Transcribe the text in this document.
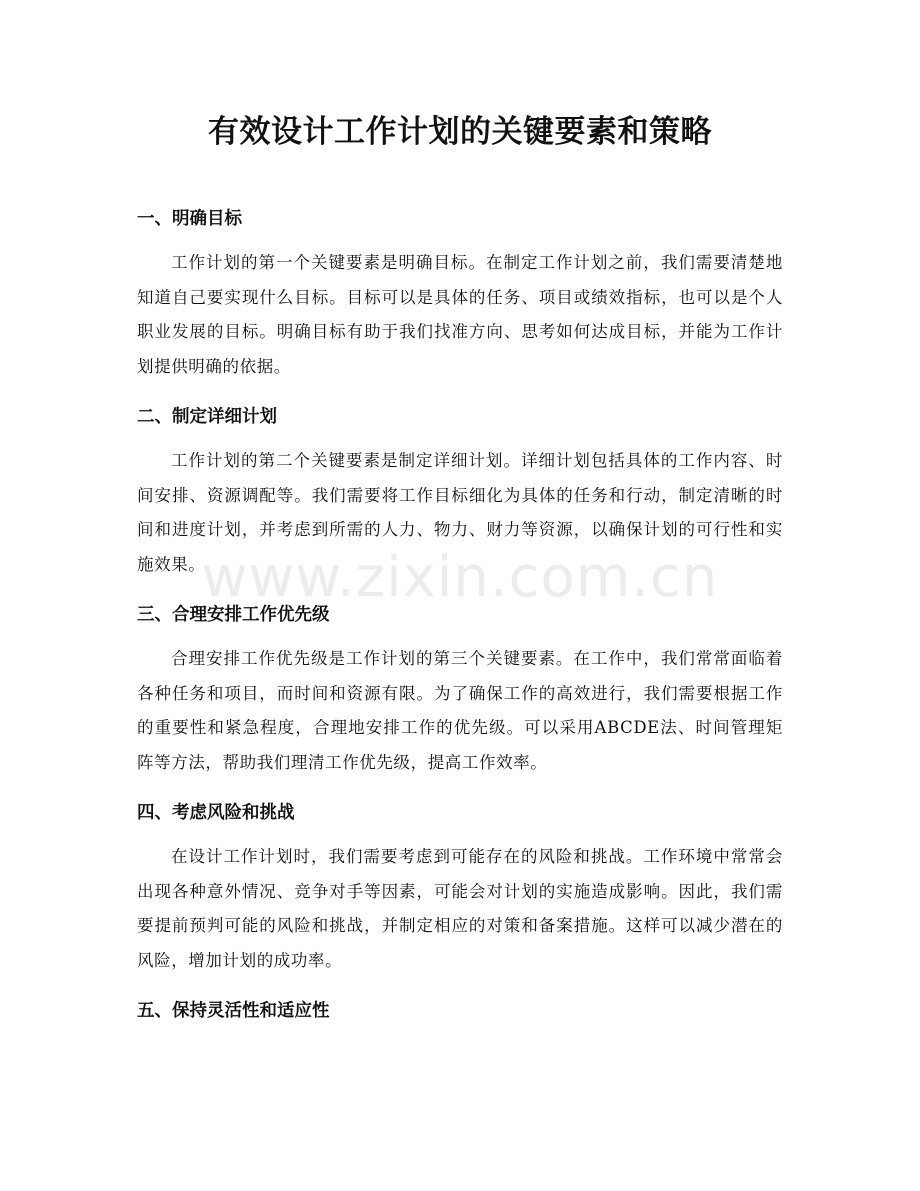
有效设计工作计划的关键要素和策略
一、明确目标

工作计划的第一个关键要素是明确目标。在制定工作计划之前，我们需要清楚地知道自己要实现什么目标。目标可以是具体的任务、项目或绩效指标，也可以是个人职业发展的目标。明确目标有助于我们找准方向、思考如何达成目标，并能为工作计划提供明确的依据。

二、制定详细计划

工作计划的第二个关键要素是制定详细计划。详细计划包括具体的工作内容、时间安排、资源调配等。我们需要将工作目标细化为具体的任务和行动，制定清晰的时间和进度计划，并考虑到所需的人力、物力、财力等资源，以确保计划的可行性和实施效果。

三、合理安排工作优先级

合理安排工作优先级是工作计划的第三个关键要素。在工作中，我们常常面临着各种任务和项目，而时间和资源有限。为了确保工作的高效进行，我们需要根据工作的重要性和紧急程度，合理地安排工作的优先级。可以采用ABCDE法、时间管理矩阵等方法，帮助我们理清工作优先级，提高工作效率。

四、考虑风险和挑战

在设计工作计划时，我们需要考虑到可能存在的风险和挑战。工作环境中常常会出现各种意外情况、竞争对手等因素，可能会对计划的实施造成影响。因此，我们需要提前预判可能的风险和挑战，并制定相应的对策和备案措施。这样可以减少潜在的风险，增加计划的成功率。

五、保持灵活性和适应性
www.zixin.com.cn
